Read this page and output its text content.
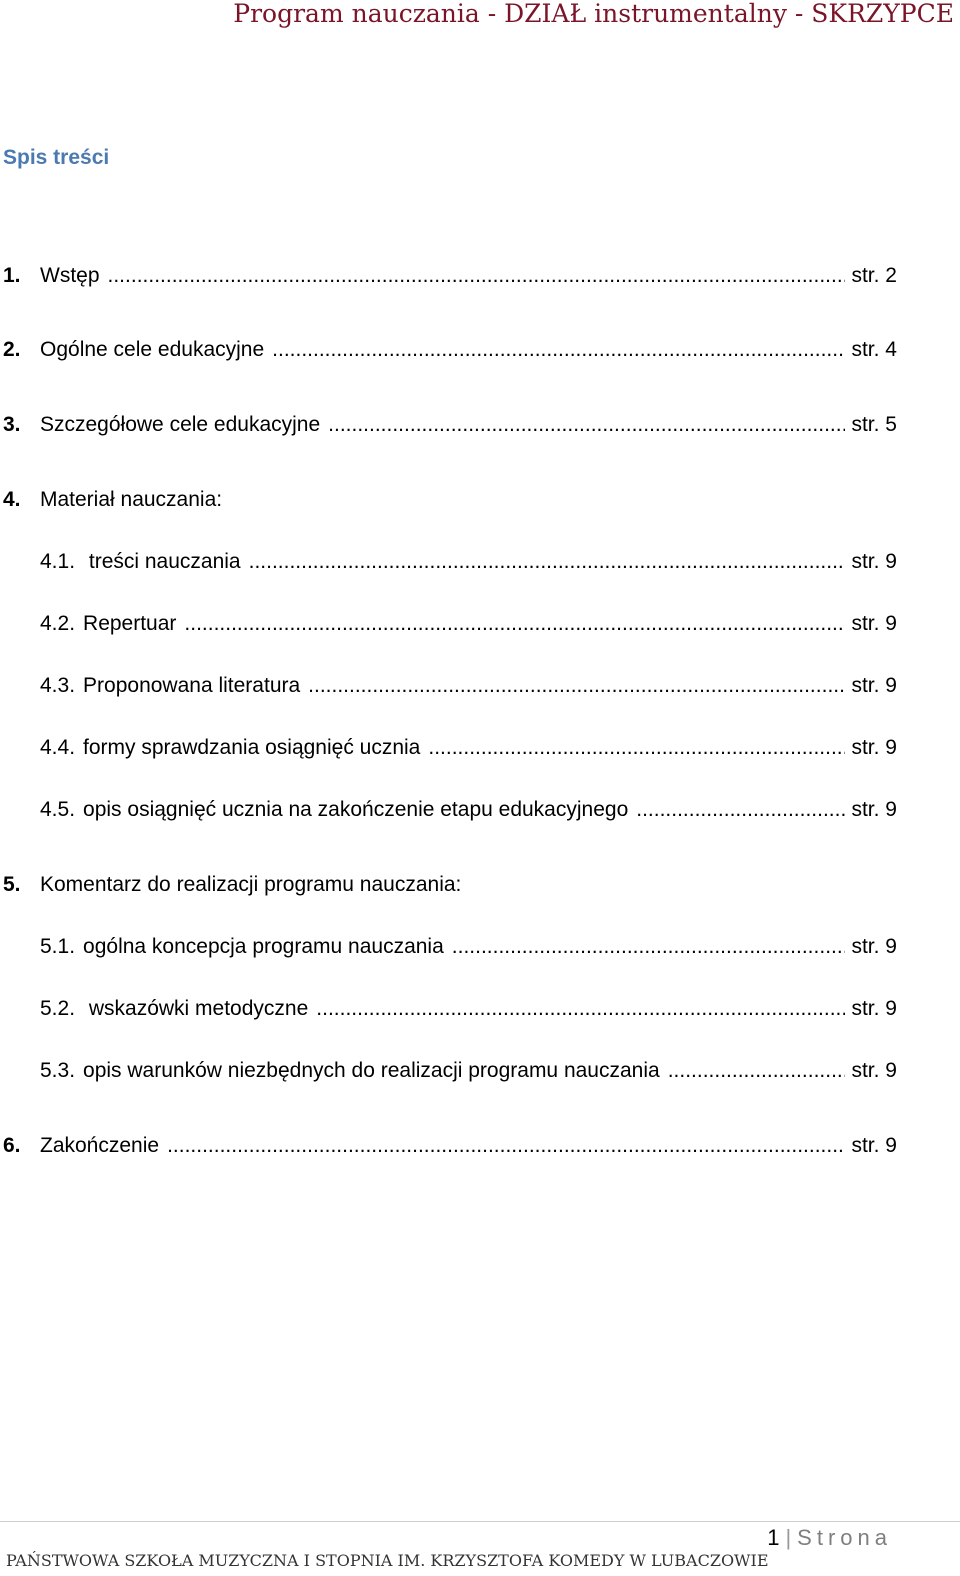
Program nauczania - DZIAŁ instrumentalny - SKRZYPCE
Spis treści
1. Wstęp .....	str. 2
2. Ogólne cele edukacyjne .....	str. 4
3. Szczegółowe cele edukacyjne .....	str. 5
4. Materiał nauczania:
4.1. treści nauczania .....	str. 9
4.2. Repertuar .....	str. 9
4.3. Proponowana literatura .....	str. 9
4.4. formy sprawdzania osiągnięć ucznia .....	str. 9
4.5. opis osiągnięć ucznia na zakończenie etapu edukacyjnego .....	str. 9
5. Komentarz do realizacji programu nauczania:
5.1. ogólna koncepcja programu nauczania .....	str. 9
5.2. wskazówki metodyczne .....	str. 9
5.3. opis warunków niezbędnych do realizacji programu nauczania .....	str. 9
6. Zakończenie .....	str. 9
1 | Strona
PAŃSTWOWA SZKOŁA MUZYCZNA I STOPNIA IM. KRZYSZTOFA KOMEDY W LUBACZOWIE
